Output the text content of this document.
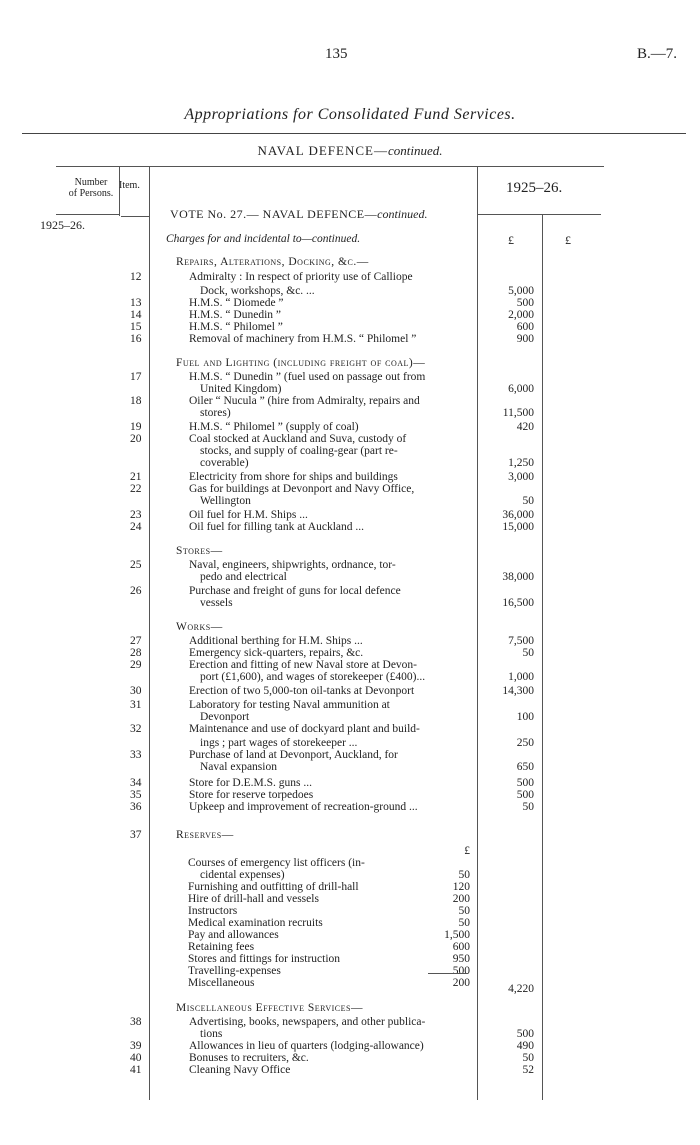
135	B.—7.
Appropriations for Consolidated Fund Services.
NAVAL DEFENCE—continued.
Number
of Persons.
Item.	1925–26.
1925–26.
VOTE No. 27.— NAVAL DEFENCE—continued.
Charges for and incidental to—continued.	£	£
Repairs, Alterations, Docking, &c.—
12	Admiralty : In respect of priority use of Calliope
Dock, workshops, &c. ...	5,000
13	H.M.S. “ Diomede ”	500
14	H.M.S. “ Dunedin ”	2,000
15	H.M.S. “ Philomel ”	600
16	Removal of machinery from H.M.S. “ Philomel ”	900
Fuel and Lighting (including freight of coal)—
17	H.M.S. “ Dunedin ” (fuel used on passage out from
United Kingdom)	6,000
18	Oiler “ Nucula ” (hire from Admiralty, repairs and
stores)	11,500
19	H.M.S. “ Philomel ” (supply of coal)	420
20	Coal stocked at Auckland and Suva, custody of
stocks, and supply of coaling-gear (part re-
coverable)	1,250
21	Electricity from shore for ships and buildings	3,000
22	Gas for buildings at Devonport and Navy Office,
Wellington	50
23	Oil fuel for H.M. Ships ...	36,000
24	Oil fuel for filling tank at Auckland ...	15,000
Stores—
25	Naval, engineers, shipwrights, ordnance, tor-
pedo and electrical	38,000
26	Purchase and freight of guns for local defence
vessels	16,500
Works—
27	Additional berthing for H.M. Ships ...	7,500
28	Emergency sick-quarters, repairs, &c.	50
29	Erection and fitting of new Naval store at Devon-
port (£1,600), and wages of storekeeper (£400)...	1,000
30	Erection of two 5,000-ton oil-tanks at Devonport	14,300
31	Laboratory for testing Naval ammunition at
Devonport	100
32	Maintenance and use of dockyard plant and build-
ings ; part wages of storekeeper ...	250
33	Purchase of land at Devonport, Auckland, for
Naval expansion	650
34	Store for D.E.M.S. guns ...	500
35	Store for reserve torpedoes	500
36	Upkeep and improvement of recreation-ground ...	50
37	Reserves—
£
Courses of emergency list officers (in-
cidental expenses)	50
Furnishing and outfitting of drill-hall	120
Hire of drill-hall and vessels	200
Instructors	50
Medical examination recruits	50
Pay and allowances	1,500
Retaining fees	600
Stores and fittings for instruction	950
Travelling-expenses	500
Miscellaneous	200	4,220
Miscellaneous Effective Services—
38	Advertising, books, newspapers, and other publica-
tions	500
39	Allowances in lieu of quarters (lodging-allowance)	490
40	Bonuses to recruiters, &c.	50
41	Cleaning Navy Office	52
